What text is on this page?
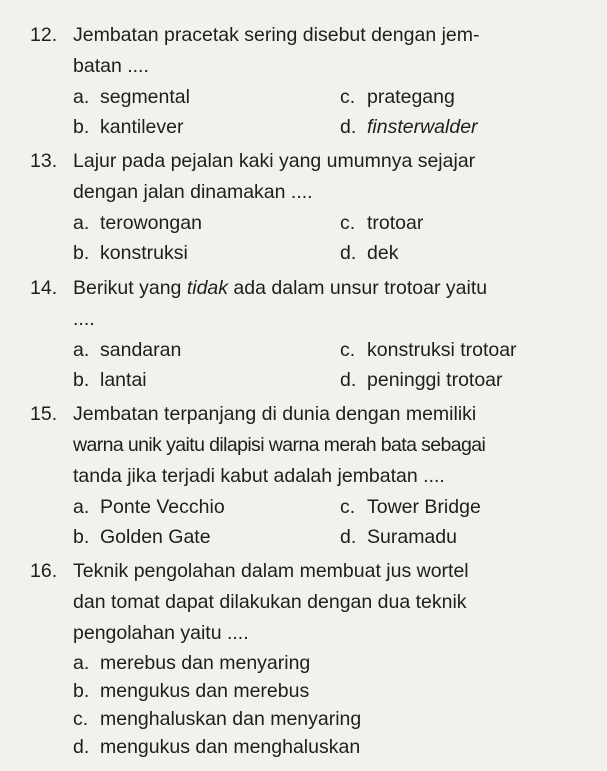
12. Jembatan pracetak sering disebut dengan jem-
batan ....
a. segmental	c. prategang
b. kantilever	d. finsterwalder
13. Lajur pada pejalan kaki yang umumnya sejajar
dengan jalan dinamakan ....
a. terowongan	c. trotoar
b. konstruksi	d. dek
14. Berikut yang tidak ada dalam unsur trotoar yaitu
....
a. sandaran	c. konstruksi trotoar
b. lantai	d. peninggi trotoar
15. Jembatan terpanjang di dunia dengan memiliki
warna unik yaitu dilapisi warna merah bata sebagai
tanda jika terjadi kabut adalah jembatan ....
a. Ponte Vecchio	c. Tower Bridge
b. Golden Gate	d. Suramadu
16. Teknik pengolahan dalam membuat jus wortel
dan tomat dapat dilakukan dengan dua teknik
pengolahan yaitu ....
a. merebus dan menyaring
b. mengukus dan merebus
c. menghaluskan dan menyaring
d. mengukus dan menghaluskan
